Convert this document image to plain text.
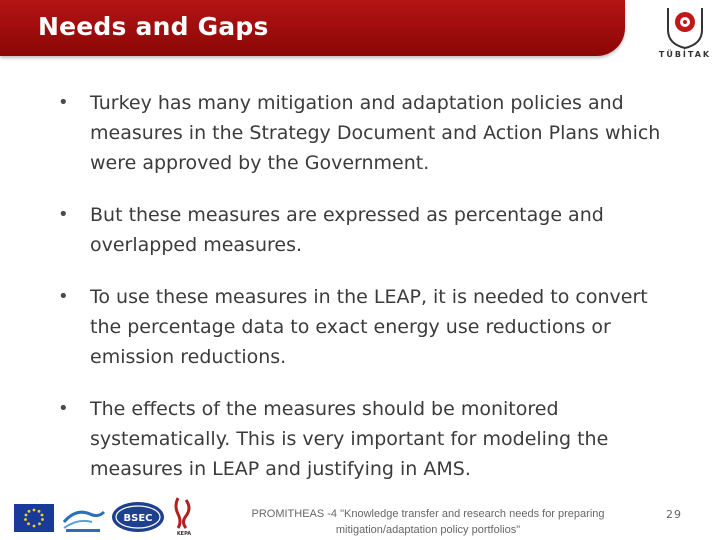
Needs and Gaps
TÜBİTAK
• Turkey has many mitigation and adaptation policies and measures in the Strategy Document and Action Plans which were approved by the Government.
• But these measures are expressed as percentage and overlapped measures.
• To use these measures in the LEAP, it is needed to convert the percentage data to exact energy use reductions or emission reductions.
• The effects of the measures should be monitored systematically. This is very important for modeling the measures in LEAP and justifying in AMS.
BSEC
KEPA
PROMITHEAS -4 "Knowledge transfer and research needs for preparing mitigation/adaptation policy portfolios"
29
